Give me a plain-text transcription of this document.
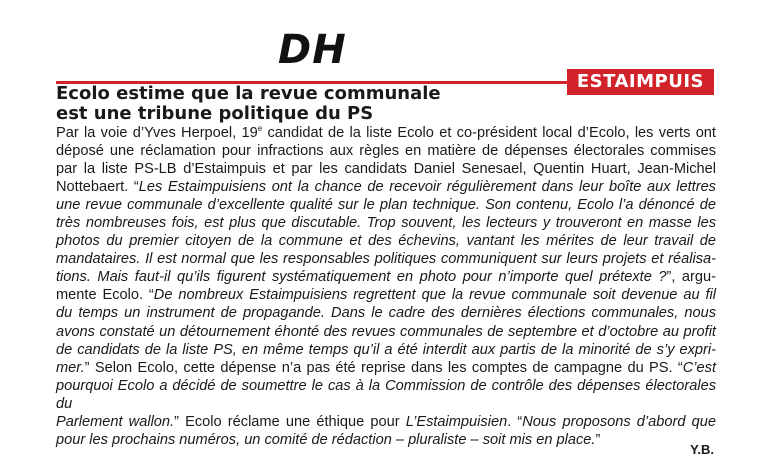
DH
ESTAIMPUIS
Ecolo estime que la revue communale
est une tribune politique du PS
Par la voie d’Yves Herpoel, 19e candidat de la liste Ecolo et co-président local d’Ecolo, les verts ont
déposé une réclamation pour infractions aux règles en matière de dépenses électorales commises
par la liste PS-LB d’Estaimpuis et par les candidats Daniel Senesael, Quentin Huart, Jean-Michel
Nottebaert. “Les Estaimpuisiens ont la chance de recevoir régulièrement dans leur boîte aux lettres
une revue communale d’excellente qualité sur le plan technique. Son contenu, Ecolo l’a dénoncé de
très nombreuses fois, est plus que discutable. Trop souvent, les lecteurs y trouveront en masse les
photos du premier citoyen de la commune et des échevins, vantant les mérites de leur travail de
mandataires. Il est normal que les responsables politiques communiquent sur leurs projets et réalisa-
tions. Mais faut-il qu’ils figurent systématiquement en photo pour n’importe quel prétexte ?”, argu-
mente Ecolo. “De nombreux Estaimpuisiens regrettent que la revue communale soit devenue au fil
du temps un instrument de propagande. Dans le cadre des dernières élections communales, nous
avons constaté un détournement éhonté des revues communales de septembre et d’octobre au profit
de candidats de la liste PS, en même temps qu’il a été interdit aux partis de la minorité de s’y expri-
mer.” Selon Ecolo, cette dépense n’a pas été reprise dans les comptes de campagne du PS. “C’est
pourquoi Ecolo a décidé de soumettre le cas à la Commission de contrôle des dépenses électorales du
Parlement wallon.” Ecolo réclame une éthique pour L’Estaimpuisien. “Nous proposons d’abord que
pour les prochains numéros, un comité de rédaction – pluraliste – soit mis en place.”
Y.B.
